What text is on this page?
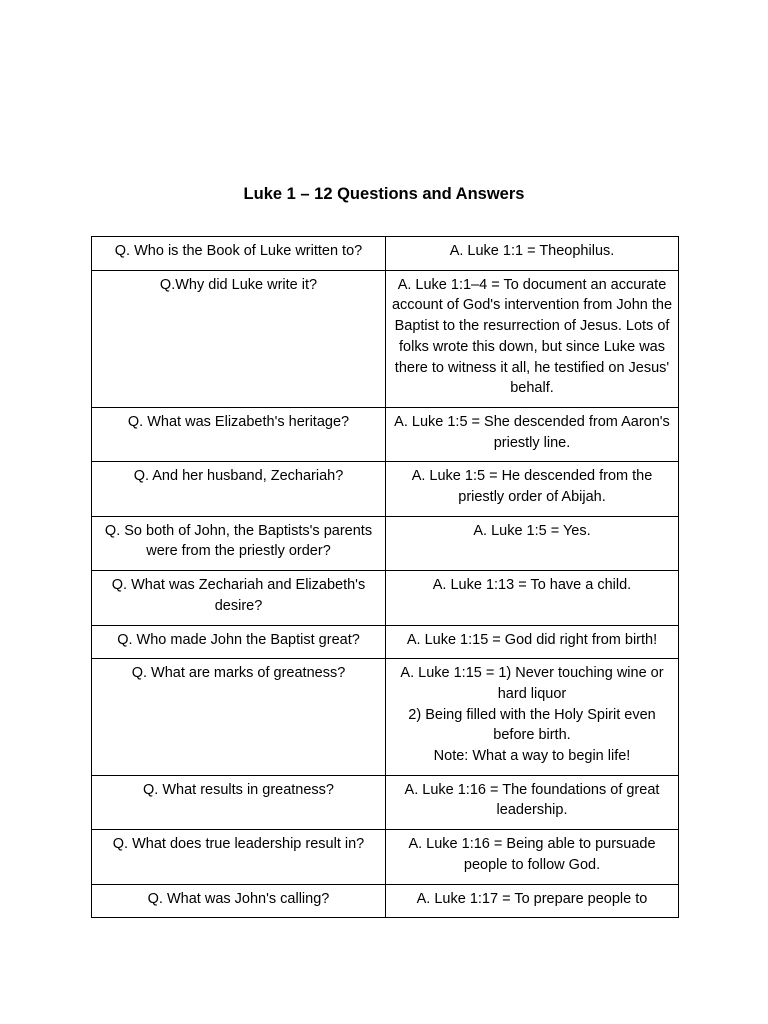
Luke 1 – 12 Questions and Answers
Q. Who is the Book of Luke written to?	A. Luke 1:1 = Theophilus.

Q.Why did Luke write it?	A. Luke 1:1–4 = To document an accurate account of God's intervention from John the Baptist to the resurrection of Jesus. Lots of folks wrote this down, but since Luke was there to witness it all, he testified on Jesus' behalf.

Q. What was Elizabeth's heritage?	A. Luke 1:5 = She descended from Aaron's priestly line.

Q. And her husband, Zechariah?	A. Luke 1:5 = He descended from the priestly order of Abijah.

Q. So both of John, the Baptists's parents were from the priestly order?	A. Luke 1:5 = Yes.

Q. What was Zechariah and Elizabeth's desire?	A. Luke 1:13 = To have a child.

Q. Who made John the Baptist great?	A. Luke 1:15 = God did right from birth!

Q. What are marks of greatness?	A. Luke 1:15 = 1) Never touching wine or hard liquor
2) Being filled with the Holy Spirit even before birth.
Note: What a way to begin life!

Q. What results in greatness?	A. Luke 1:16 = The foundations of great leadership.

Q. What does true leadership result in?	A. Luke 1:16 = Being able to pursuade people to follow God.

Q. What was John's calling?	A. Luke 1:17 = To prepare people to
